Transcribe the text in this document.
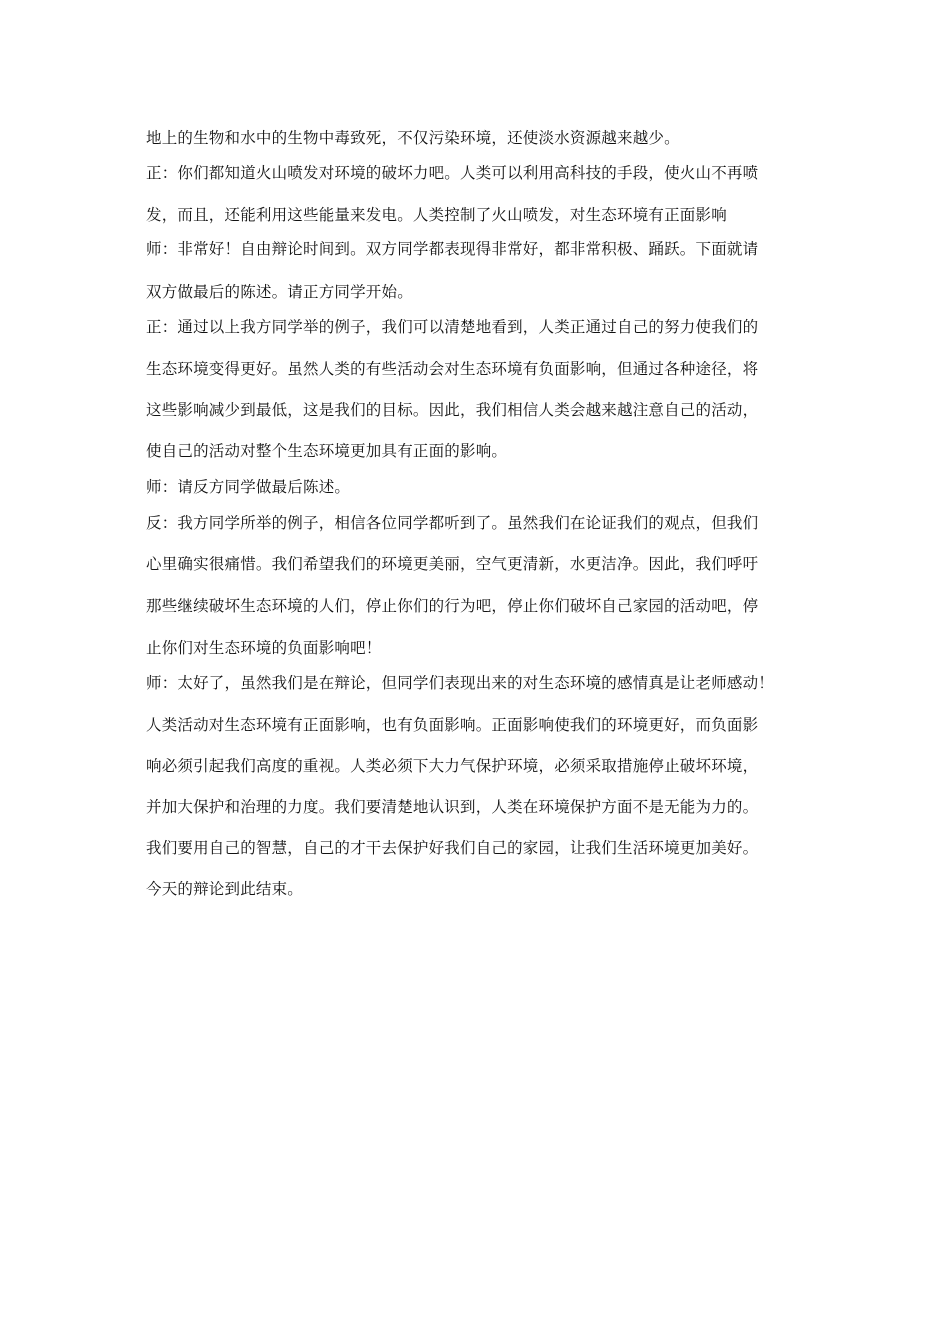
地上的生物和水中的生物中毒致死，不仅污染环境，还使淡水资源越来越少。
正：你们都知道火山喷发对环境的破坏力吧。人类可以利用高科技的手段，使火山不再喷
发，而且，还能利用这些能量来发电。人类控制了火山喷发，对生态环境有正面影响
师：非常好！自由辩论时间到。双方同学都表现得非常好，都非常积极、踊跃。下面就请
双方做最后的陈述。请正方同学开始。
正：通过以上我方同学举的例子，我们可以清楚地看到，人类正通过自己的努力使我们的
生态环境变得更好。虽然人类的有些活动会对生态环境有负面影响，但通过各种途径，将
这些影响减少到最低，这是我们的目标。因此，我们相信人类会越来越注意自己的活动，
使自己的活动对整个生态环境更加具有正面的影响。
师：请反方同学做最后陈述。
反：我方同学所举的例子，相信各位同学都听到了。虽然我们在论证我们的观点，但我们
心里确实很痛惜。我们希望我们的环境更美丽，空气更清新，水更洁净。因此，我们呼吁
那些继续破坏生态环境的人们，停止你们的行为吧，停止你们破坏自己家园的活动吧，停
止你们对生态环境的负面影响吧！
师：太好了，虽然我们是在辩论，但同学们表现出来的对生态环境的感情真是让老师感动！
人类活动对生态环境有正面影响，也有负面影响。正面影响使我们的环境更好，而负面影
响必须引起我们高度的重视。人类必须下大力气保护环境，必须采取措施停止破坏环境，
并加大保护和治理的力度。我们要清楚地认识到，人类在环境保护方面不是无能为力的。
我们要用自己的智慧，自己的才干去保护好我们自己的家园，让我们生活环境更加美好。
今天的辩论到此结束。
